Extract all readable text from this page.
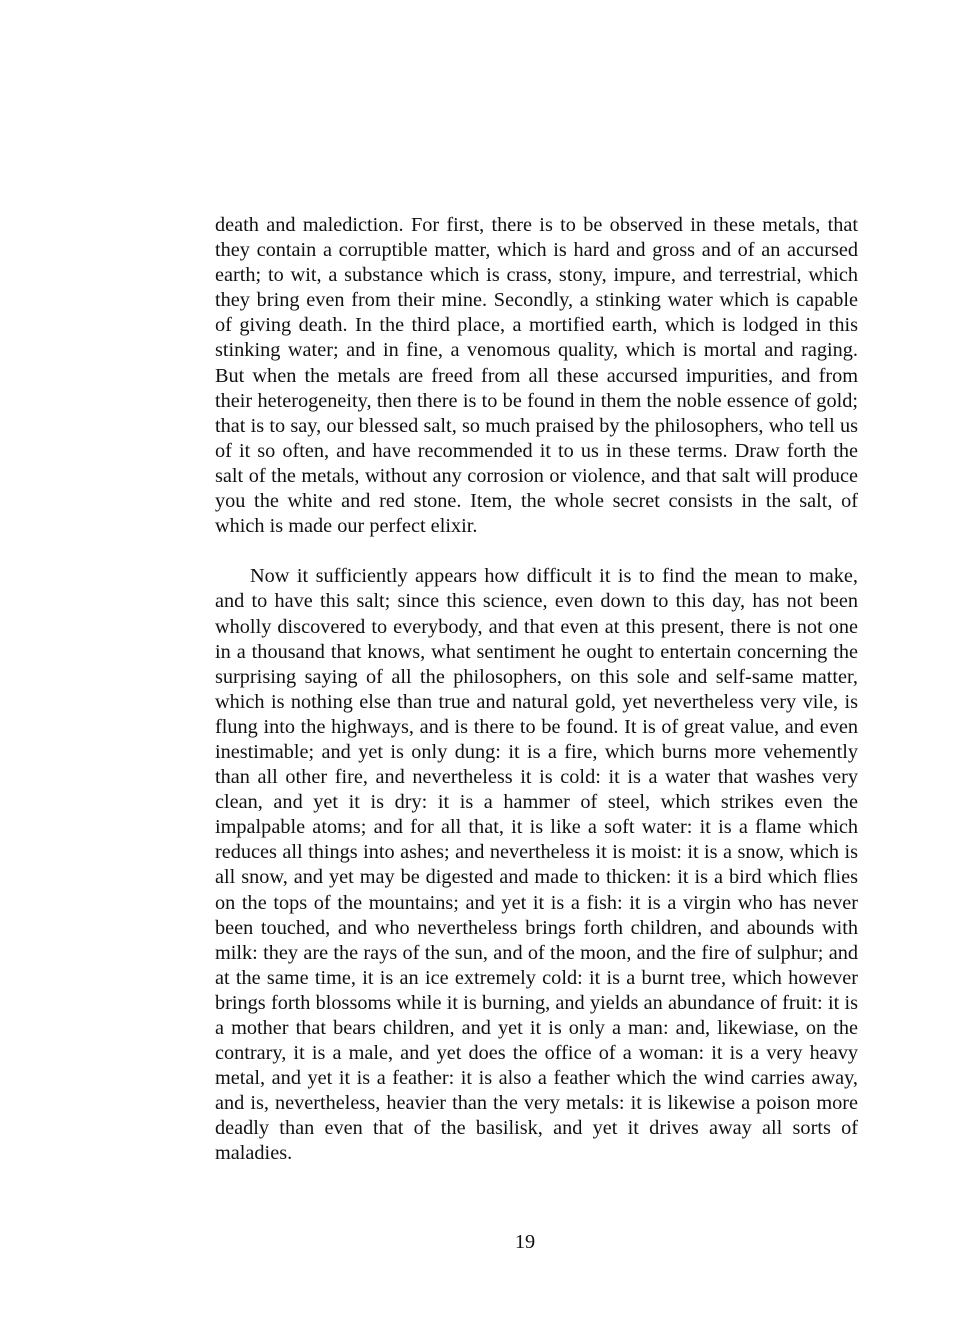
death and malediction. For first, there is to be observed in these metals, that they contain a corruptible matter, which is hard and gross and of an accursed earth; to wit, a substance which is crass, stony, impure, and terrestrial, which they bring even from their mine. Secondly, a stinking water which is capable of giving death. In the third place, a mortified earth, which is lodged in this stinking water; and in fine, a venomous quality, which is mortal and raging. But when the metals are freed from all these accursed impurities, and from their heterogeneity, then there is to be found in them the noble essence of gold; that is to say, our blessed salt, so much praised by the philosophers, who tell us of it so often, and have recommended it to us in these terms. Draw forth the salt of the metals, without any corrosion or violence, and that salt will produce you the white and red stone. Item, the whole secret consists in the salt, of which is made our perfect elixir.

Now it sufficiently appears how difficult it is to find the mean to make, and to have this salt; since this science, even down to this day, has not been wholly discovered to everybody, and that even at this present, there is not one in a thousand that knows, what sentiment he ought to entertain concerning the surprising saying of all the philosophers, on this sole and self-same matter, which is nothing else than true and natural gold, yet nevertheless very vile, is flung into the highways, and is there to be found. It is of great value, and even inestimable; and yet is only dung: it is a fire, which burns more vehemently than all other fire, and nevertheless it is cold: it is a water that washes very clean, and yet it is dry: it is a hammer of steel, which strikes even the impalpable atoms; and for all that, it is like a soft water: it is a flame which reduces all things into ashes; and nevertheless it is moist: it is a snow, which is all snow, and yet may be digested and made to thicken: it is a bird which flies on the tops of the mountains; and yet it is a fish: it is a virgin who has never been touched, and who nevertheless brings forth children, and abounds with milk: they are the rays of the sun, and of the moon, and the fire of sulphur; and at the same time, it is an ice extremely cold: it is a burnt tree, which however brings forth blossoms while it is burning, and yields an abundance of fruit: it is a mother that bears children, and yet it is only a man: and, likewiase, on the contrary, it is a male, and yet does the office of a woman: it is a very heavy metal, and yet it is a feather: it is also a feather which the wind carries away, and is, nevertheless, heavier than the very metals: it is likewise a poison more deadly than even that of the basilisk, and yet it drives away all sorts of maladies.

19
